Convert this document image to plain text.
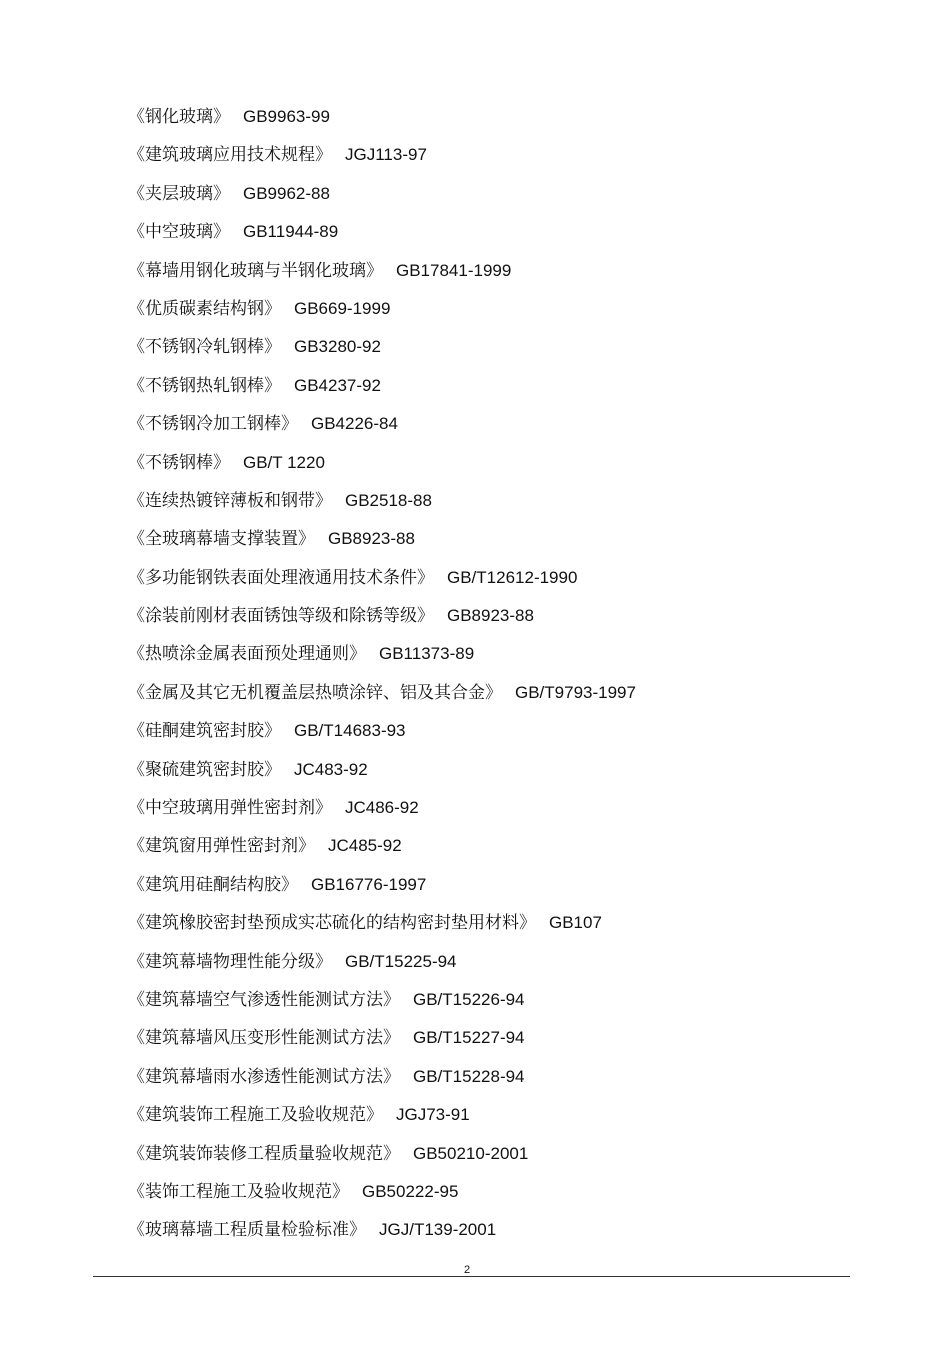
《钢化玻璃》 GB9963-99
《建筑玻璃应用技术规程》 JGJ113-97
《夹层玻璃》 GB9962-88
《中空玻璃》 GB11944-89
《幕墙用钢化玻璃与半钢化玻璃》 GB17841-1999
《优质碳素结构钢》 GB669-1999
《不锈钢冷轧钢棒》 GB3280-92
《不锈钢热轧钢棒》 GB4237-92
《不锈钢冷加工钢棒》 GB4226-84
《不锈钢棒》 GB/T 1220
《连续热镀锌薄板和钢带》 GB2518-88
《全玻璃幕墙支撑装置》 GB8923-88
《多功能钢铁表面处理液通用技术条件》 GB/T12612-1990
《涂装前刚材表面锈蚀等级和除锈等级》 GB8923-88
《热喷涂金属表面预处理通则》 GB11373-89
《金属及其它无机覆盖层热喷涂锌、铝及其合金》 GB/T9793-1997
《硅酮建筑密封胶》 GB/T14683-93
《聚硫建筑密封胶》 JC483-92
《中空玻璃用弹性密封剂》 JC486-92
《建筑窗用弹性密封剂》 JC485-92
《建筑用硅酮结构胶》 GB16776-1997
《建筑橡胶密封垫预成实芯硫化的结构密封垫用材料》 GB107
《建筑幕墙物理性能分级》 GB/T15225-94
《建筑幕墙空气渗透性能测试方法》 GB/T15226-94
《建筑幕墙风压变形性能测试方法》 GB/T15227-94
《建筑幕墙雨水渗透性能测试方法》 GB/T15228-94
《建筑装饰工程施工及验收规范》 JGJ73-91
《建筑装饰装修工程质量验收规范》 GB50210-2001
《装饰工程施工及验收规范》 GB50222-95
《玻璃幕墙工程质量检验标准》 JGJ/T139-2001
2
